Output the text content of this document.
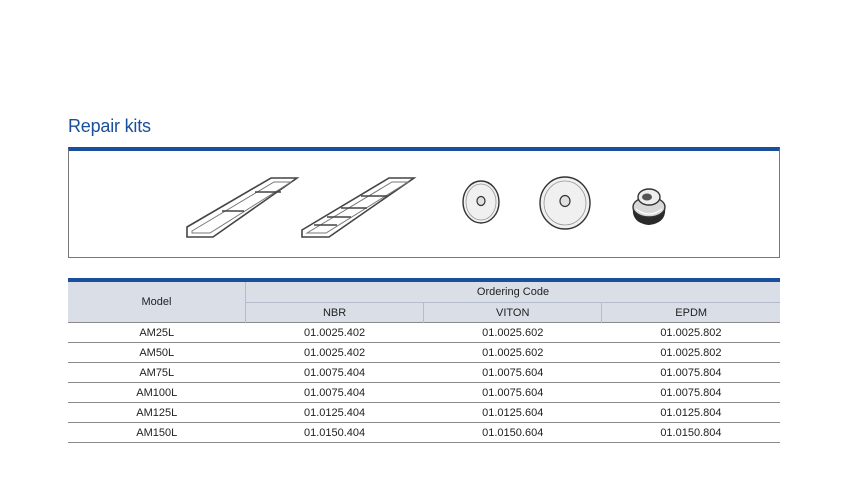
Repair kits
Model	Ordering Code		
	NBR	VITON	EPDM
AM25L	01.0025.402	01.0025.602	01.0025.802
AM50L	01.0025.402	01.0025.602	01.0025.802
AM75L	01.0075.404	01.0075.604	01.0075.804
AM100L	01.0075.404	01.0075.604	01.0075.804
AM125L	01.0125.404	01.0125.604	01.0125.804
AM150L	01.0150.404	01.0150.604	01.0150.804
